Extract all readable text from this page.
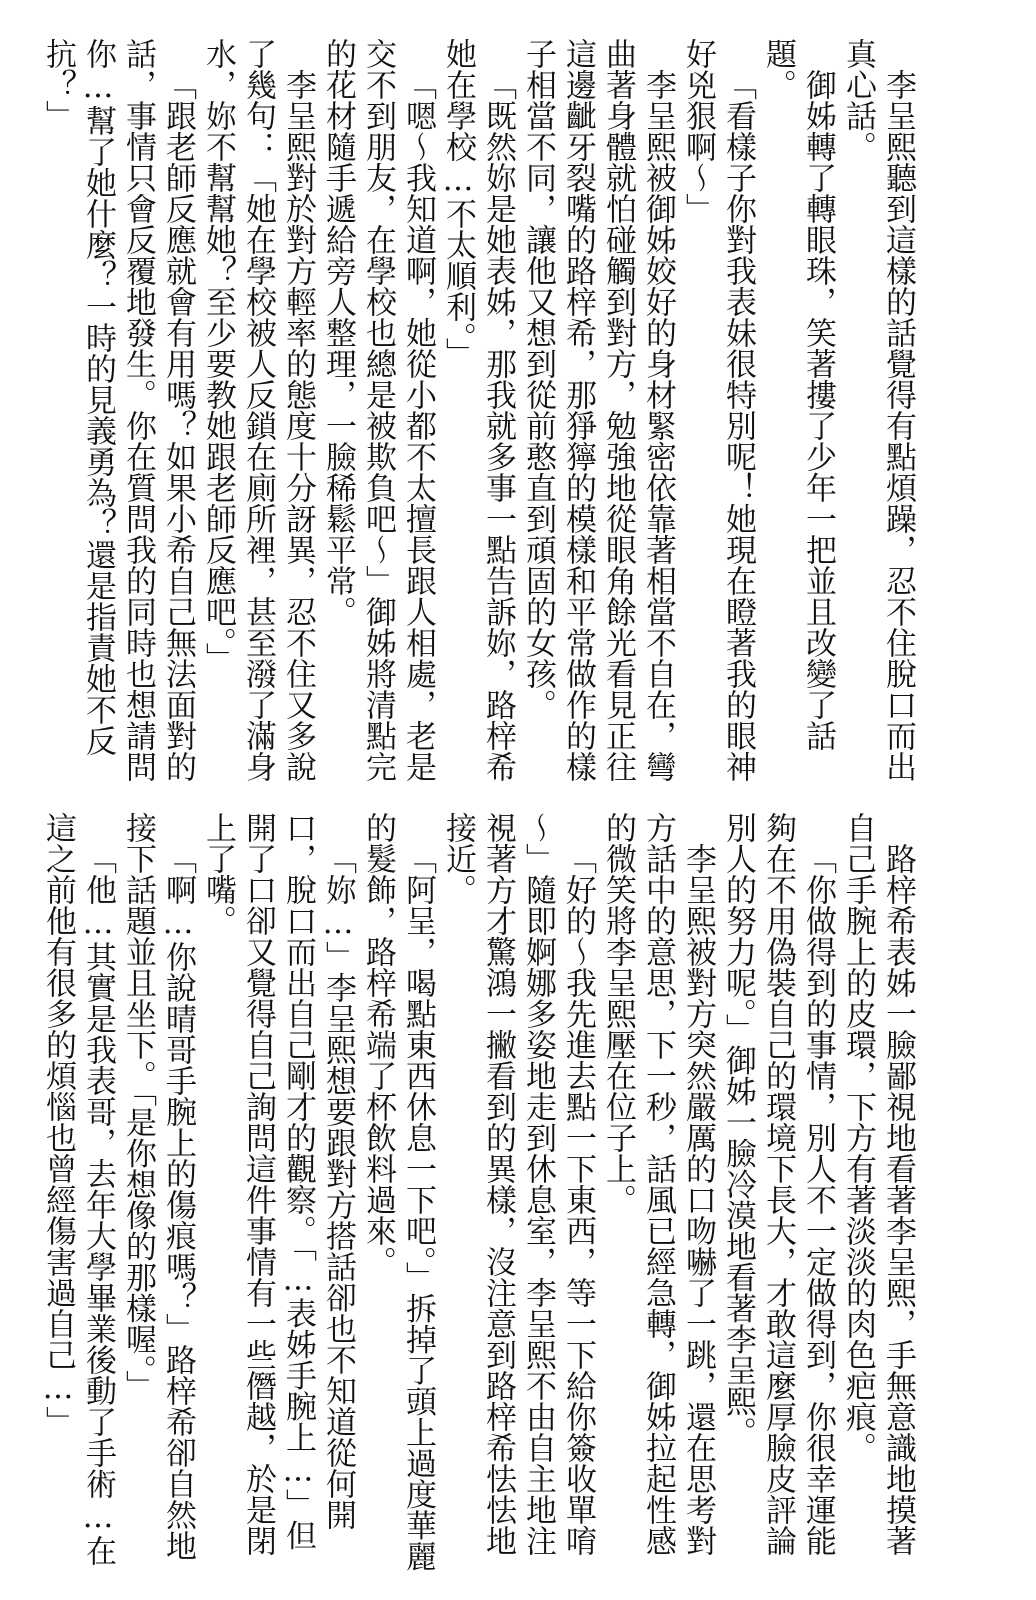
李呈熙聽到這樣的話覺得有點煩躁，忍不住脫口而出真心話。

御姊轉了轉眼珠，笑著摟了少年一把並且改變了話題。

「看樣子你對我表妹很特別呢！她現在瞪著我的眼神好兇狠啊～」

李呈熙被御姊姣好的身材緊密依靠著相當不自在，彎曲著身體就怕碰觸到對方，勉強地從眼角餘光看見正往這邊齜牙裂嘴的路梓希，那猙獰的模樣和平常做作的樣子相當不同，讓他又想到從前憨直到頑固的女孩。

「既然妳是她表姊，那我就多事一點告訴妳，路梓希她在學校…不太順利。」

「嗯～我知道啊，她從小都不太擅長跟人相處，老是交不到朋友，在學校也總是被欺負吧～」御姊將清點完的花材隨手遞給旁人整理，一臉稀鬆平常。

李呈熙對於對方輕率的態度十分訝異，忍不住又多說了幾句：「她在學校被人反鎖在廁所裡，甚至潑了滿身水，妳不幫幫她？至少要教她跟老師反應吧。」

「跟老師反應就會有用嗎？如果小希自己無法面對的話，事情只會反覆地發生。你在質問我的同時也想請問你…幫了她什麼？一時的見義勇為？還是指責她不反抗？」

路梓希表姊一臉鄙視地看著李呈熙，手無意識地摸著自己手腕上的皮環，下方有著淡淡的肉色疤痕。

「你做得到的事情，別人不一定做得到，你很幸運能夠在不用偽裝自己的環境下長大，才敢這麼厚臉皮評論別人的努力呢。」御姊一臉冷漠地看著李呈熙。

李呈熙被對方突然嚴厲的口吻嚇了一跳，還在思考對方話中的意思，下一秒，話風已經急轉，御姊拉起性感的微笑將李呈熙壓在位子上。

「好的～我先進去點一下東西，等一下給你簽收單唷～」隨即婀娜多姿地走到休息室，李呈熙不由自主地注視著方才驚鴻一撇看到的異樣，沒注意到路梓希怯怯地接近。

「阿呈，喝點東西休息一下吧。」拆掉了頭上過度華麗的髮飾，路梓希端了杯飲料過來。

「妳…」李呈熙想要跟對方搭話卻也不知道從何開口，脫口而出自己剛才的觀察。「…表姊手腕上…」但開了口卻又覺得自己詢問這件事情有一些僭越，於是閉上了嘴。

「啊…你說晴哥手腕上的傷痕嗎？」路梓希卻自然地接下話題並且坐下。「是你想像的那樣喔。」

「他…其實是我表哥，去年大學畢業後動了手術…在這之前他有很多的煩惱也曾經傷害過自己…」
